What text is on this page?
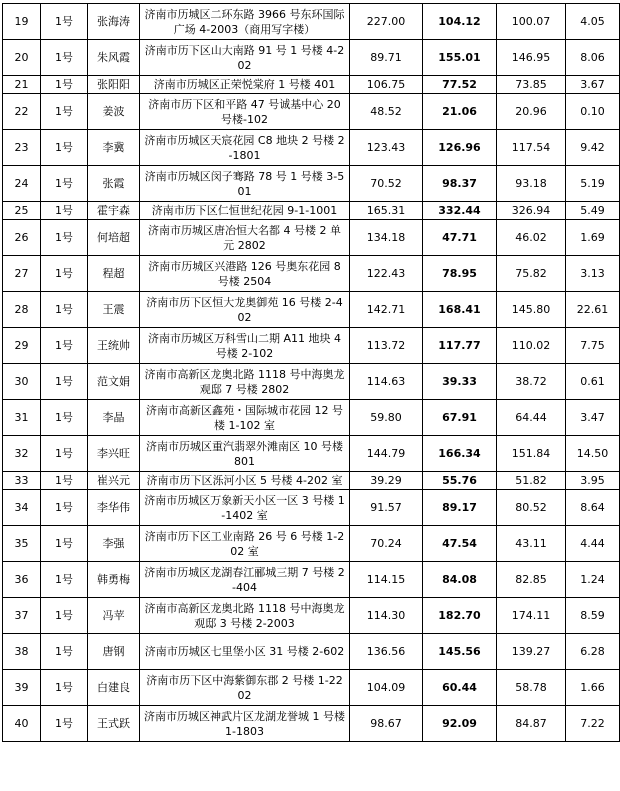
19	1号	张海涛	济南市历城区二环东路 3966 号东环国际广场 4-2003（商用写字楼）	227.00	104.12	100.07	4.05
20	1号	朱风霞	济南市历下区山大南路 91 号 1 号楼 4-202	89.71	155.01	146.95	8.06
21	1号	张阳阳	济南市历城区正荣悦棠府 1 号楼 401	106.75	77.52	73.85	3.67
22	1号	姜波	济南市历下区和平路 47 号诚基中心 20 号楼-102	48.52	21.06	20.96	0.10
23	1号	李冀	济南市历城区天宸花园 C8 地块 2 号楼 2-1801	123.43	126.96	117.54	9.42
24	1号	张霞	济南市历城区闵子骞路 78 号 1 号楼 3-501	70.52	98.37	93.18	5.19
25	1号	霍宇森	济南市历下区仁恒世纪花园 9-1-1001	165.31	332.44	326.94	5.49
26	1号	何培超	济南市历城区唐冶恒大名都 4 号楼 2 单元 2802	134.18	47.71	46.02	1.69
27	1号	程超	济南市历城区兴港路 126 号奥东花园 8 号楼 2504	122.43	78.95	75.82	3.13
28	1号	王震	济南市历下区恒大龙奥御苑 16 号楼 2-402	142.71	168.41	145.80	22.61
29	1号	王统帅	济南市历城区万科雪山二期 A11 地块 4 号楼 2-102	113.72	117.77	110.02	7.75
30	1号	范文娟	济南市高新区龙奥北路 1118 号中海奥龙观邸 7 号楼 2802	114.63	39.33	38.72	0.61
31	1号	李晶	济南市高新区鑫苑・国际城市花园 12 号楼 1-102 室	59.80	67.91	64.44	3.47
32	1号	李兴旺	济南市历城区重汽翡翠外滩南区 10 号楼 801	144.79	166.34	151.84	14.50
33	1号	崔兴元	济南市历下区泺河小区 5 号楼 4-202 室	39.29	55.76	51.82	3.95
34	1号	李华伟	济南市历城区万象新天小区一区 3 号楼 1-1402 室	91.57	89.17	80.52	8.64
35	1号	李强	济南市历下区工业南路 26 号 6 号楼 1-202 室	70.24	47.54	43.11	4.44
36	1号	韩勇梅	济南市历城区龙湖春江郦城三期 7 号楼 2-404	114.15	84.08	82.85	1.24
37	1号	冯苹	济南市高新区龙奥北路 1118 号中海奥龙观邸 3 号楼 2-2003	114.30	182.70	174.11	8.59
38	1号	唐钢	济南市历城区七里堡小区 31 号楼 2-602	136.56	145.56	139.27	6.28
39	1号	白建良	济南市历下区中海紫御东郡 2 号楼 1-2202	104.09	60.44	58.78	1.66
40	1号	王式跃	济南市历城区神武片区龙湖龙誉城 1 号楼 1-1803	98.67	92.09	84.87	7.22
